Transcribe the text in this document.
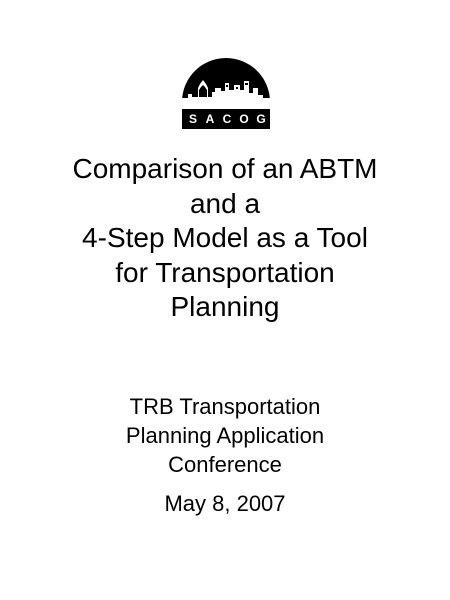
S A C O G
Comparison of an ABTM
and a
4-Step Model as a Tool
for Transportation
Planning
TRB Transportation
Planning Application
Conference
May 8, 2007
